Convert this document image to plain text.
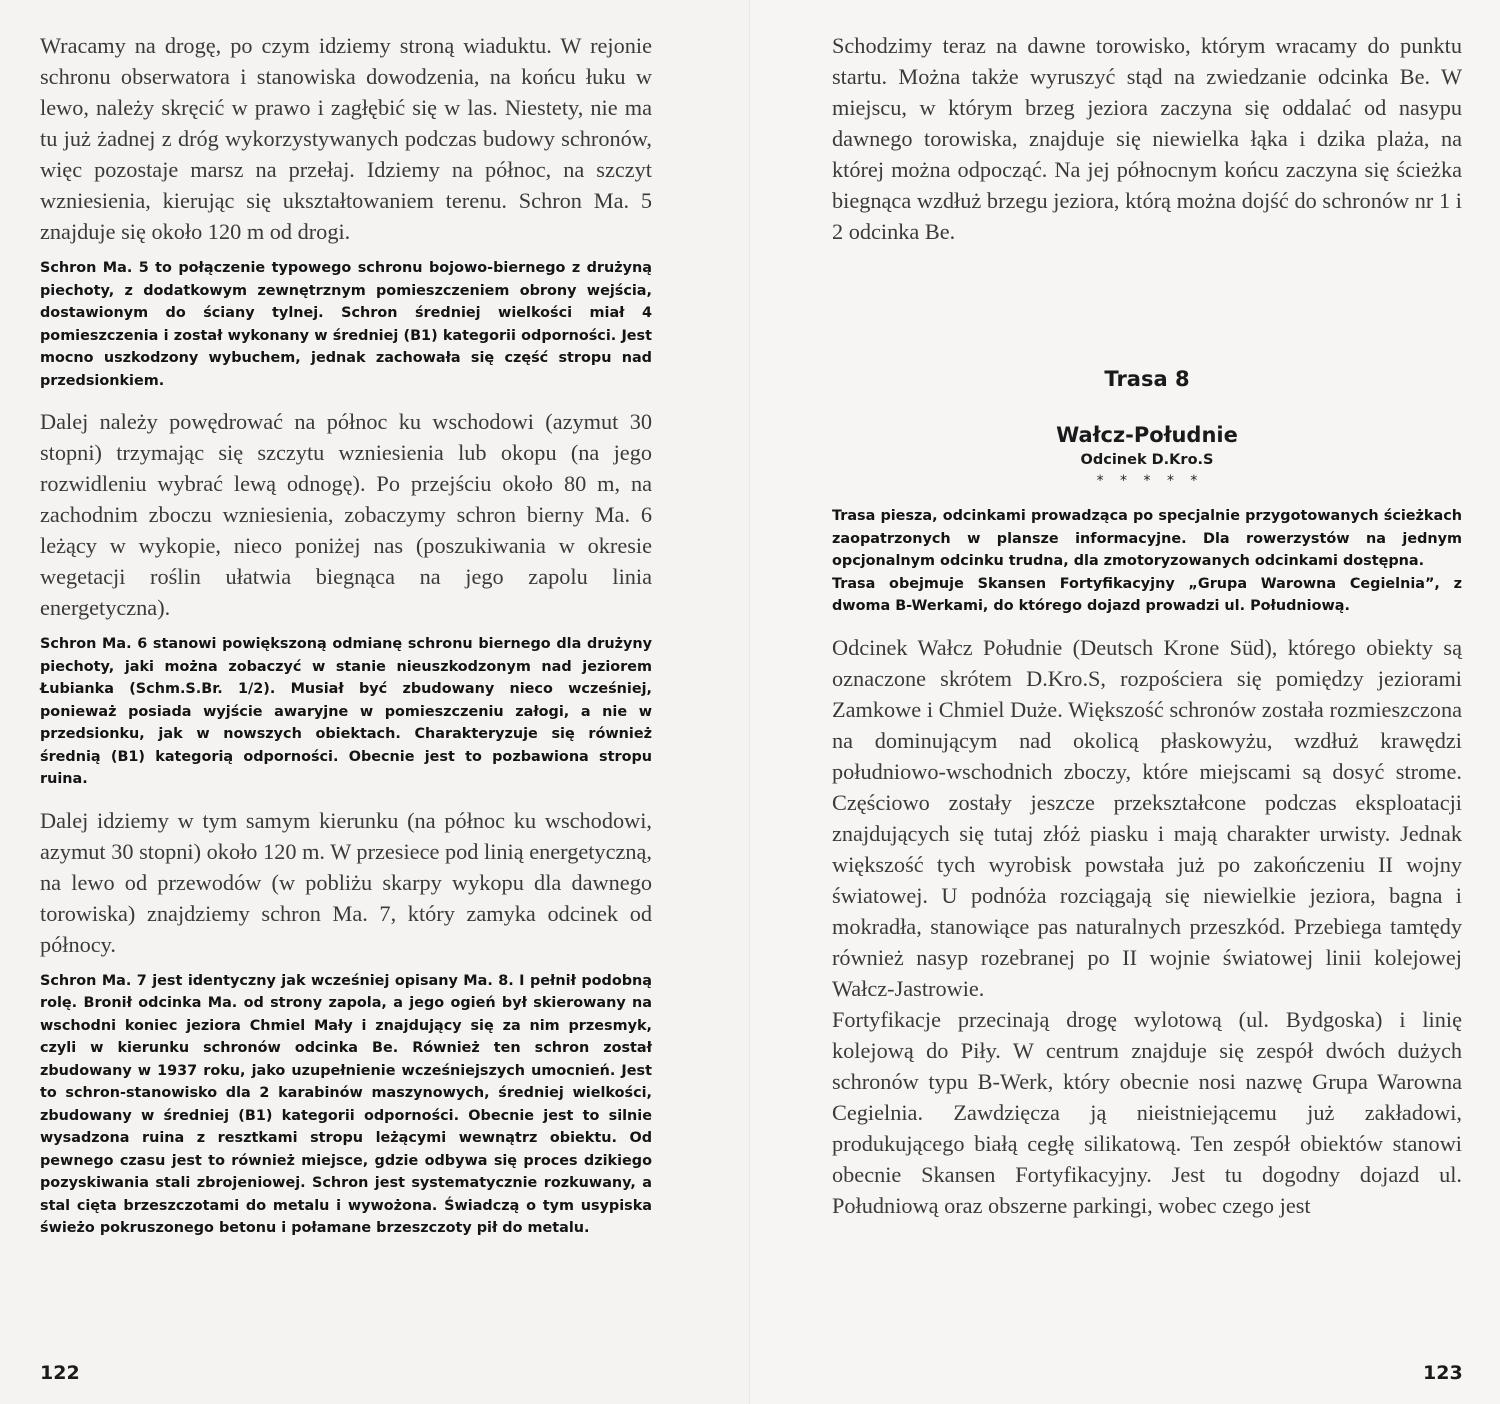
Wracamy na drogę, po czym idziemy stroną wiaduktu. W rejonie schronu obserwatora i stanowiska dowodzenia, na końcu łuku w lewo, należy skręcić w prawo i zagłębić się w las. Niestety, nie ma tu już żadnej z dróg wykorzystywanych podczas budowy schronów, więc pozostaje marsz na przełaj. Idziemy na północ, na szczyt wzniesienia, kierując się ukształtowaniem terenu. Schron Ma. 5 znajduje się około 120 m od drogi.

Schron Ma. 5 to połączenie typowego schronu bojowo-biernego z drużyną piechoty, z dodatkowym zewnętrznym pomieszczeniem obrony wejścia, dostawionym do ściany tylnej. Schron średniej wielkości miał 4 pomieszczenia i został wykonany w średniej (B1) kategorii odporności. Jest mocno uszkodzony wybuchem, jednak zachowała się część stropu nad przedsionkiem.

Dalej należy powędrować na północ ku wschodowi (azymut 30 stopni) trzymając się szczytu wzniesienia lub okopu (na jego rozwidleniu wybrać lewą odnogę). Po przejściu około 80 m, na zachodnim zboczu wzniesienia, zobaczymy schron bierny Ma. 6 leżący w wykopie, nieco poniżej nas (poszukiwania w okresie wegetacji roślin ułatwia biegnąca na jego zapolu linia energetyczna).

Schron Ma. 6 stanowi powiększoną odmianę schronu biernego dla drużyny piechoty, jaki można zobaczyć w stanie nieuszkodzonym nad jeziorem Łubianka (Schm.S.Br. 1/2). Musiał być zbudowany nieco wcześniej, ponieważ posiada wyjście awaryjne w pomieszczeniu załogi, a nie w przedsionku, jak w nowszych obiektach. Charakteryzuje się również średnią (B1) kategorią odporności. Obecnie jest to pozbawiona stropu ruina.

Dalej idziemy w tym samym kierunku (na północ ku wschodowi, azymut 30 stopni) około 120 m. W przesiece pod linią energetyczną, na lewo od przewodów (w pobliżu skarpy wykopu dla dawnego torowiska) znajdziemy schron Ma. 7, który zamyka odcinek od północy.

Schron Ma. 7 jest identyczny jak wcześniej opisany Ma. 8. I pełnił podobną rolę. Bronił odcinka Ma. od strony zapola, a jego ogień był skierowany na wschodni koniec jeziora Chmiel Mały i znajdujący się za nim przesmyk, czyli w kierunku schronów odcinka Be. Również ten schron został zbudowany w 1937 roku, jako uzupełnienie wcześniejszych umocnień. Jest to schron-stanowisko dla 2 karabinów maszynowych, średniej wielkości, zbudowany w średniej (B1) kategorii odporności. Obecnie jest to silnie wysadzona ruina z resztkami stropu leżącymi wewnątrz obiektu. Od pewnego czasu jest to również miejsce, gdzie odbywa się proces dzikiego pozyskiwania stali zbrojeniowej. Schron jest systematycznie rozkuwany, a stal cięta brzeszczotami do metalu i wywożona. Świadczą o tym usypiska świeżo pokruszonego betonu i połamane brzeszczoty pił do metalu.

122

Schodzimy teraz na dawne torowisko, którym wracamy do punktu startu. Można także wyruszyć stąd na zwiedzanie odcinka Be. W miejscu, w którym brzeg jeziora zaczyna się oddalać od nasypu dawnego torowiska, znajduje się niewielka łąka i dzika plaża, na której można odpocząć. Na jej północnym końcu zaczyna się ścieżka biegnąca wzdłuż brzegu jeziora, którą można dojść do schronów nr 1 i 2 odcinka Be.

Trasa 8

Wałcz-Południe

Odcinek D.Kro.S

* * * * *

Trasa piesza, odcinkami prowadząca po specjalnie przygotowanych ścieżkach zaopatrzonych w plansze informacyjne. Dla rowerzystów na jednym opcjonalnym odcinku trudna, dla zmotoryzowanych odcinkami dostępna.

Trasa obejmuje Skansen Fortyfikacyjny „Grupa Warowna Cegielnia”, z dwoma B-Werkami, do którego dojazd prowadzi ul. Południową.

Odcinek Wałcz Południe (Deutsch Krone Süd), którego obiekty są oznaczone skrótem D.Kro.S, rozpościera się pomiędzy jeziorami Zamkowe i Chmiel Duże. Większość schronów została rozmieszczona na dominującym nad okolicą płaskowyżu, wzdłuż krawędzi południowo-wschodnich zboczy, które miejscami są dosyć strome. Częściowo zostały jeszcze przekształcone podczas eksploatacji znajdujących się tutaj złóż piasku i mają charakter urwisty. Jednak większość tych wyrobisk powstała już po zakończeniu II wojny światowej. U podnóża rozciągają się niewielkie jeziora, bagna i mokradła, stanowiące pas naturalnych przeszkód. Przebiega tamtędy również nasyp rozebranej po II wojnie światowej linii kolejowej Wałcz-Jastrowie.

Fortyfikacje przecinają drogę wylotową (ul. Bydgoska) i linię kolejową do Piły. W centrum znajduje się zespół dwóch dużych schronów typu B-Werk, który obecnie nosi nazwę Grupa Warowna Cegielnia. Zawdzięcza ją nieistniejącemu już zakładowi, produkującego białą cegłę silikatową. Ten zespół obiektów stanowi obecnie Skansen Fortyfikacyjny. Jest tu dogodny dojazd ul. Południową oraz obszerne parkingi, wobec czego jest

123
